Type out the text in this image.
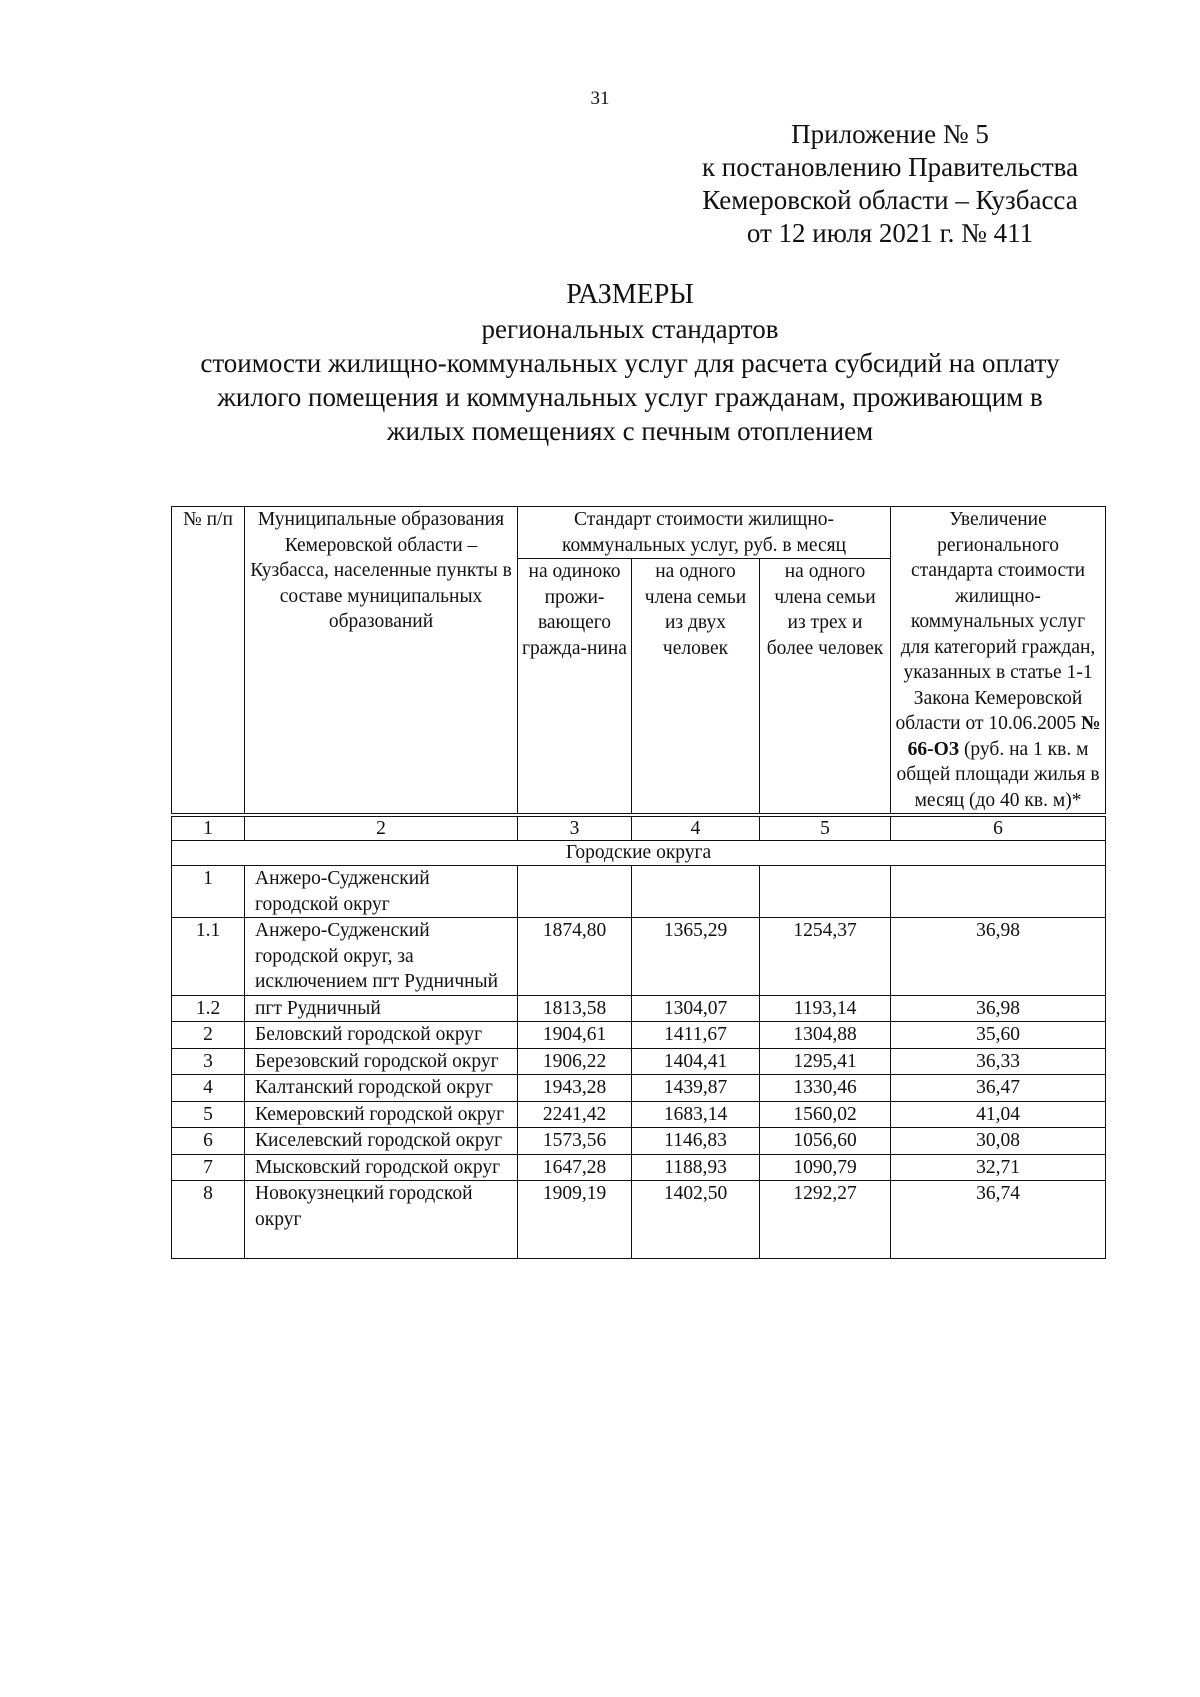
31
Приложение № 5
к постановлению Правительства
Кемеровской области – Кузбасса
от 12 июля 2021 г. № 411
РАЗМЕРЫ
региональных стандартов
стоимости жилищно-коммунальных услуг для расчета субсидий на оплату
жилого помещения и коммунальных услуг гражданам, проживающим в
жилых помещениях с печным отоплением
№ п/п	Муниципальные образования Кемеровской области – Кузбасса, населенные пункты в составе муниципальных образований	Стандарт стоимости жилищно-коммунальных услуг, руб. в месяц			Увеличение регионального стандарта стоимости жилищно-коммунальных услуг для категорий граждан, указанных в статье 1-1 Закона Кемеровской области от 10.06.2005 № 66-ОЗ (руб. на 1 кв. м общей площади жилья в месяц (до 40 кв. м)*
		на одиноко прожи-вающего гражда-нина	на одного члена семьи из двух человек	на одного члена семьи из трех и более человек	
1	2	3	4	5	6
Городские округа					
1	Анжеро-Судженский городской округ				
1.1	Анжеро-Судженский городской округ, за исключением пгт Рудничный	1874,80	1365,29	1254,37	36,98
1.2	пгт Рудничный	1813,58	1304,07	1193,14	36,98
2	Беловский городской округ	1904,61	1411,67	1304,88	35,60
3	Березовский городской округ	1906,22	1404,41	1295,41	36,33
4	Калтанский городской округ	1943,28	1439,87	1330,46	36,47
5	Кемеровский городской округ	2241,42	1683,14	1560,02	41,04
6	Киселевский городской округ	1573,56	1146,83	1056,60	30,08
7	Мысковский городской округ	1647,28	1188,93	1090,79	32,71
8	Новокузнецкий городской округ	1909,19	1402,50	1292,27	36,74
